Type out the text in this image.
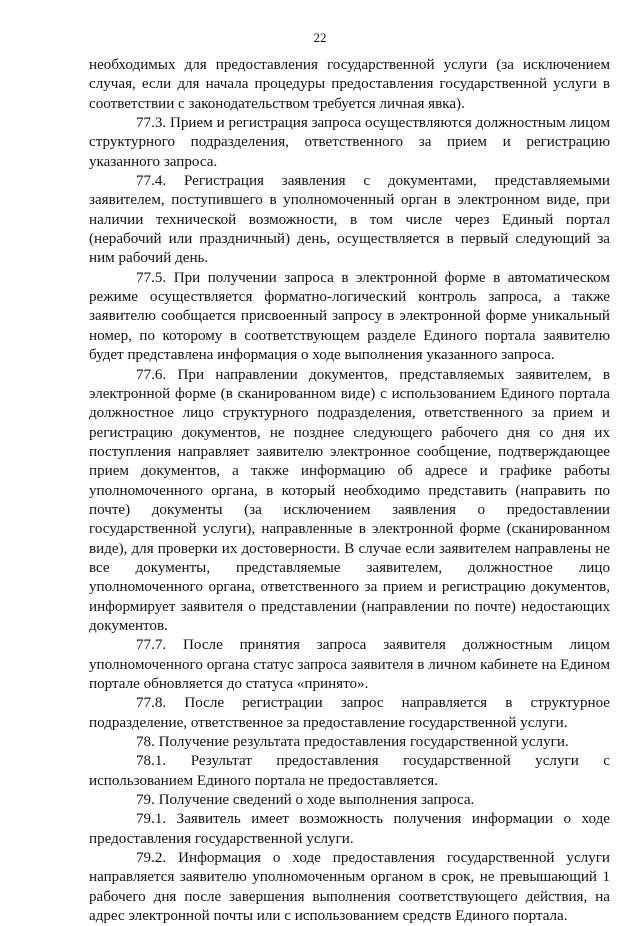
22

необходимых для предоставления государственной услуги (за исключением случая, если для начала процедуры предоставления государственной услуги в соответствии с законодательством требуется личная явка).

77.3. Прием и регистрация запроса осуществляются должностным лицом структурного подразделения, ответственного за прием и регистрацию указанного запроса.

77.4. Регистрация заявления с документами, представляемыми заявителем, поступившего в уполномоченный орган в электронном виде, при наличии технической возможности, в том числе через Единый портал (нерабочий или праздничный) день, осуществляется в первый следующий за ним рабочий день.

77.5. При получении запроса в электронной форме в автоматическом режиме осуществляется форматно-логический контроль запроса, а также заявителю сообщается присвоенный запросу в электронной форме уникальный номер, по которому в соответствующем разделе Единого портала заявителю будет представлена информация о ходе выполнения указанного запроса.

77.6. При направлении документов, представляемых заявителем, в электронной форме (в сканированном виде) с использованием Единого портала должностное лицо структурного подразделения, ответственного за прием и регистрацию документов, не позднее следующего рабочего дня со дня их поступления направляет заявителю электронное сообщение, подтверждающее прием документов, а также информацию об адресе и графике работы уполномоченного органа, в который необходимо представить (направить по почте) документы (за исключением заявления о предоставлении государственной услуги), направленные в электронной форме (сканированном виде), для проверки их достоверности. В случае если заявителем направлены не все документы, представляемые заявителем, должностное лицо уполномоченного органа, ответственного за прием и регистрацию документов, информирует заявителя о представлении (направлении по почте) недостающих документов.

77.7. После принятия запроса заявителя должностным лицом уполномоченного органа статус запроса заявителя в личном кабинете на Едином портале обновляется до статуса «принято».

77.8. После регистрации запрос направляется в структурное подразделение, ответственное за предоставление государственной услуги.

78. Получение результата предоставления государственной услуги.

78.1. Результат предоставления государственной услуги с использованием Единого портала не предоставляется.

79. Получение сведений о ходе выполнения запроса.

79.1. Заявитель имеет возможность получения информации о ходе предоставления государственной услуги.

79.2. Информация о ходе предоставления государственной услуги направляется заявителю уполномоченным органом в срок, не превышающий 1 рабочего дня после завершения выполнения соответствующего действия, на адрес электронной почты или с использованием средств Единого портала.
